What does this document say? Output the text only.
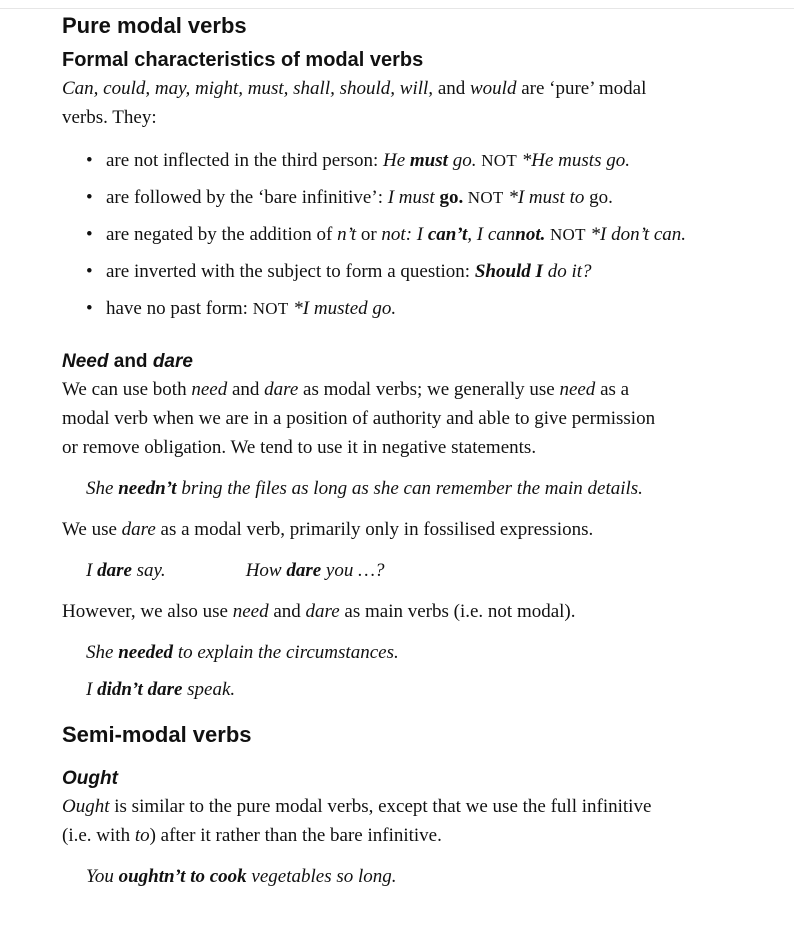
Pure modal verbs
Formal characteristics of modal verbs

Can, could, may, might, must, shall, should, will, and would are ‘pure’ modal
verbs. They:

• are not inflected in the third person: He must go. NOT *He musts go.
• are followed by the ‘bare infinitive’: I must go. NOT *I must to go.
• are negated by the addition of n’t or not: I can’t, I cannot. NOT *I don’t can.
• are inverted with the subject to form a question: Should I do it?
• have no past form: NOT *I musted go.
Need and dare

We can use both need and dare as modal verbs; we generally use need as a
modal verb when we are in a position of authority and able to give permission
or remove obligation. We tend to use it in negative statements.

She needn’t bring the files as long as she can remember the main details.

We use dare as a modal verb, primarily only in fossilised expressions.

I dare say.	How dare you …?

However, we also use need and dare as main verbs (i.e. not modal).

She needed to explain the circumstances.

I didn’t dare speak.

Semi-modal verbs
Ought

Ought is similar to the pure modal verbs, except that we use the full infinitive
(i.e. with to) after it rather than the bare infinitive.

You oughtn’t to cook vegetables so long.
